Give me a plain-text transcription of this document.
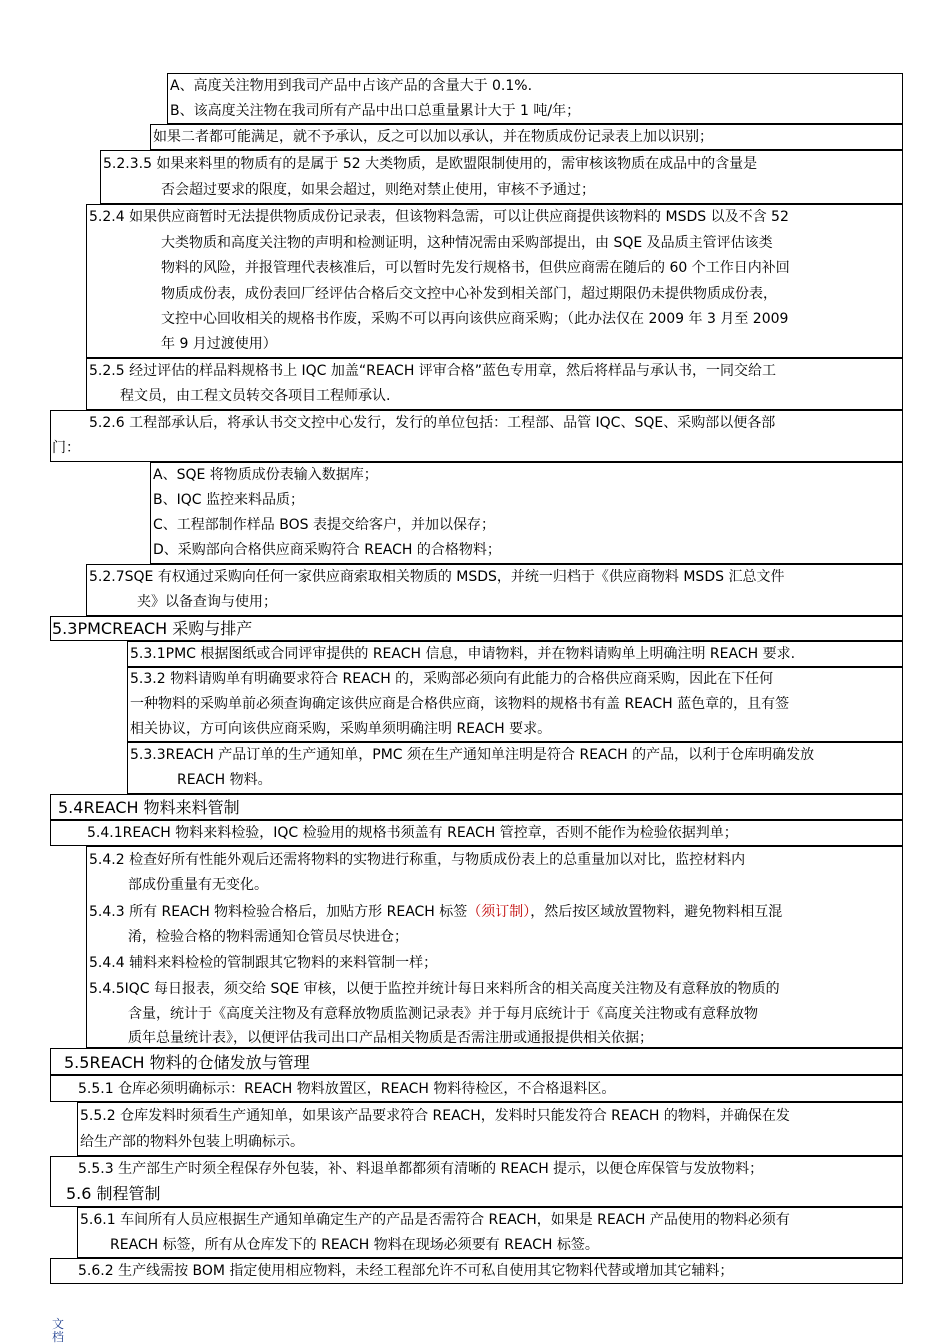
A、高度关注物用到我司产品中占该产品的含量大于 0.1%.
B、该高度关注物在我司所有产品中出口总重量累计大于 1 吨/年；
如果二者都可能满足，就不予承认，反之可以加以承认，并在物质成份记录表上加以识别；
5.2.3.5 如果来料里的物质有的是属于 52 大类物质，是欧盟限制使用的，需审核该物质在成品中的含量是
否会超过要求的限度，如果会超过，则绝对禁止使用，审核不予通过；
5.2.4 如果供应商暂时无法提供物质成份记录表，但该物料急需，可以让供应商提供该物料的 MSDS 以及不含 52
大类物质和高度关注物的声明和检测证明，这种情况需由采购部提出，由 SQE 及品质主管评估该类
物料的风险，并报管理代表核准后，可以暂时先发行规格书，但供应商需在随后的 60 个工作日内补回
物质成份表，成份表回厂经评估合格后交文控中心补发到相关部门，超过期限仍未提供物质成份表，
文控中心回收相关的规格书作废，采购不可以再向该供应商采购；（此办法仅在 2009 年 3 月至 2009
年 9 月过渡使用）
5.2.5 经过评估的样品料规格书上 IQC 加盖“REACH 评审合格”蓝色专用章，然后将样品与承认书，一同交给工
程文员，由工程文员转交各项目工程师承认.
5.2.6 工程部承认后，将承认书交文控中心发行，发行的单位包括：工程部、品管 IQC、SQE、采购部以便各部
门：
A、SQE 将物质成份表输入数据库；
B、IQC 监控来料品质；
C、工程部制作样品 BOS 表提交给客户，并加以保存；
D、采购部向合格供应商采购符合 REACH 的合格物料；
5.2.7SQE 有权通过采购向任何一家供应商索取相关物质的 MSDS，并统一归档于《供应商物料 MSDS 汇总文件
夹》以备查询与使用；
5.3PMCREACH 采购与排产
5.3.1PMC 根据图纸或合同评审提供的 REACH 信息，申请物料，并在物料请购单上明确注明 REACH 要求.
5.3.2 物料请购单有明确要求符合 REACH 的，采购部必须向有此能力的合格供应商采购，因此在下任何
一种物料的采购单前必须查询确定该供应商是合格供应商，该物料的规格书有盖 REACH 蓝色章的，且有签
相关协议，方可向该供应商采购，采购单须明确注明 REACH 要求。
5.3.3REACH 产品订单的生产通知单，PMC 须在生产通知单注明是符合 REACH 的产品，以利于仓库明确发放
REACH 物料。
5.4REACH 物料来料管制
5.4.1REACH 物料来料检验，IQC 检验用的规格书须盖有 REACH 管控章，否则不能作为检验依据判单；
5.4.2 检查好所有性能外观后还需将物料的实物进行称重，与物质成份表上的总重量加以对比，监控材料内
部成份重量有无变化。
5.4.3 所有 REACH 物料检验合格后，加贴方形 REACH 标签（须订制），然后按区域放置物料，避免物料相互混
淆，检验合格的物料需通知仓管员尽快进仓；
5.4.4 辅料来料检检的管制跟其它物料的来料管制一样；
5.4.5IQC 每日报表，须交给 SQE 审核，以便于监控并统计每日来料所含的相关高度关注物及有意释放的物质的
含量，统计于《高度关注物及有意释放物质监测记录表》并于每月底统计于《高度关注物或有意释放物
质年总量统计表》，以便评估我司出口产品相关物质是否需注册或通报提供相关依据；
5.5REACH 物料的仓储发放与管理
5.5.1 仓库必须明确标示：REACH 物料放置区，REACH 物料待检区，不合格退料区。
5.5.2 仓库发料时须看生产通知单，如果该产品要求符合 REACH，发料时只能发符合 REACH 的物料，并确保在发
给生产部的物料外包装上明确标示。
5.5.3 生产部生产时须全程保存外包装，补、料退单都都须有清晰的 REACH 提示，以便仓库保管与发放物料；
5.6 制程管制
5.6.1 车间所有人员应根据生产通知单确定生产的产品是否需符合 REACH，如果是 REACH 产品使用的物料必须有
REACH 标签，所有从仓库发下的 REACH 物料在现场必须要有 REACH 标签。
5.6.2 生产线需按 BOM 指定使用相应物料，未经工程部允许不可私自使用其它物料代替或增加其它辅料；
文
档
